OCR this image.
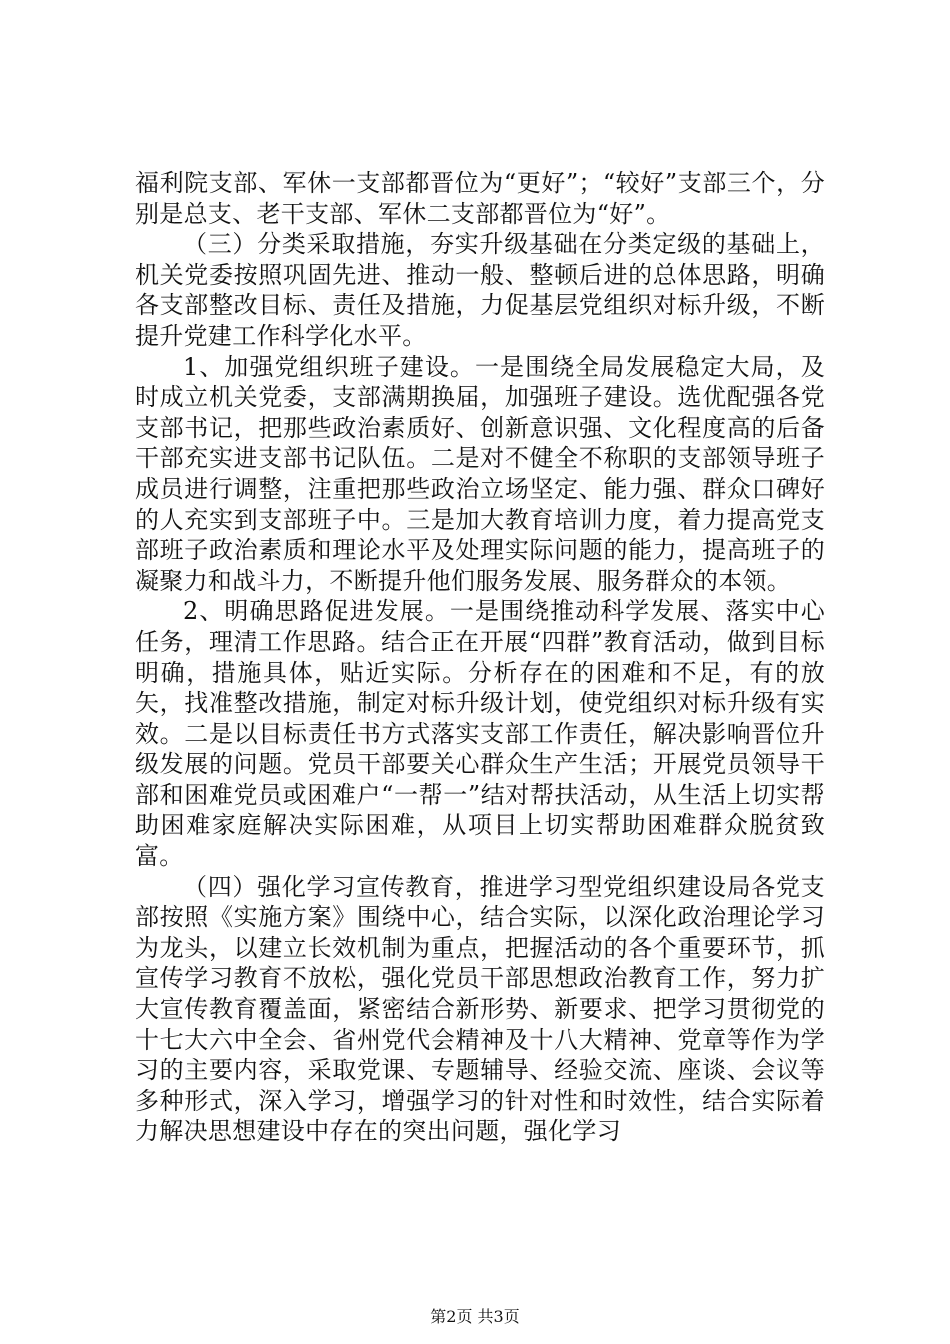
福利院支部、军休一支部都晋位为“更好”；“较好”支部三个，分别是总支、老干支部、军休二支部都晋位为“好”。

（三）分类采取措施，夯实升级基础在分类定级的基础上，机关党委按照巩固先进、推动一般、整顿后进的总体思路，明确各支部整改目标、责任及措施，力促基层党组织对标升级，不断提升党建工作科学化水平。

1、加强党组织班子建设。一是围绕全局发展稳定大局，及时成立机关党委，支部满期换届，加强班子建设。选优配强各党支部书记，把那些政治素质好、创新意识强、文化程度高的后备干部充实进支部书记队伍。二是对不健全不称职的支部领导班子成员进行调整，注重把那些政治立场坚定、能力强、群众口碑好的人充实到支部班子中。三是加大教育培训力度，着力提高党支部班子政治素质和理论水平及处理实际问题的能力，提高班子的凝聚力和战斗力，不断提升他们服务发展、服务群众的本领。

2、明确思路促进发展。一是围绕推动科学发展、落实中心任务，理清工作思路。结合正在开展“四群”教育活动，做到目标明确，措施具体，贴近实际。分析存在的困难和不足，有的放矢，找准整改措施，制定对标升级计划，使党组织对标升级有实效。二是以目标责任书方式落实支部工作责任，解决影响晋位升级发展的问题。党员干部要关心群众生产生活；开展党员领导干部和困难党员或困难户“一帮一”结对帮扶活动，从生活上切实帮助困难家庭解决实际困难，从项目上切实帮助困难群众脱贫致富。

（四）强化学习宣传教育，推进学习型党组织建设局各党支部按照《实施方案》围绕中心，结合实际，以深化政治理论学习为龙头，以建立长效机制为重点，把握活动的各个重要环节，抓宣传学习教育不放松，强化党员干部思想政治教育工作，努力扩大宣传教育覆盖面，紧密结合新形势、新要求、把学习贯彻党的十七大六中全会、省州党代会精神及十八大精神、党章等作为学习的主要内容，采取党课、专题辅导、经验交流、座谈、会议等多种形式，深入学习，增强学习的针对性和时效性，结合实际着力解决思想建设中存在的突出问题，强化学习

第2页 共3页
